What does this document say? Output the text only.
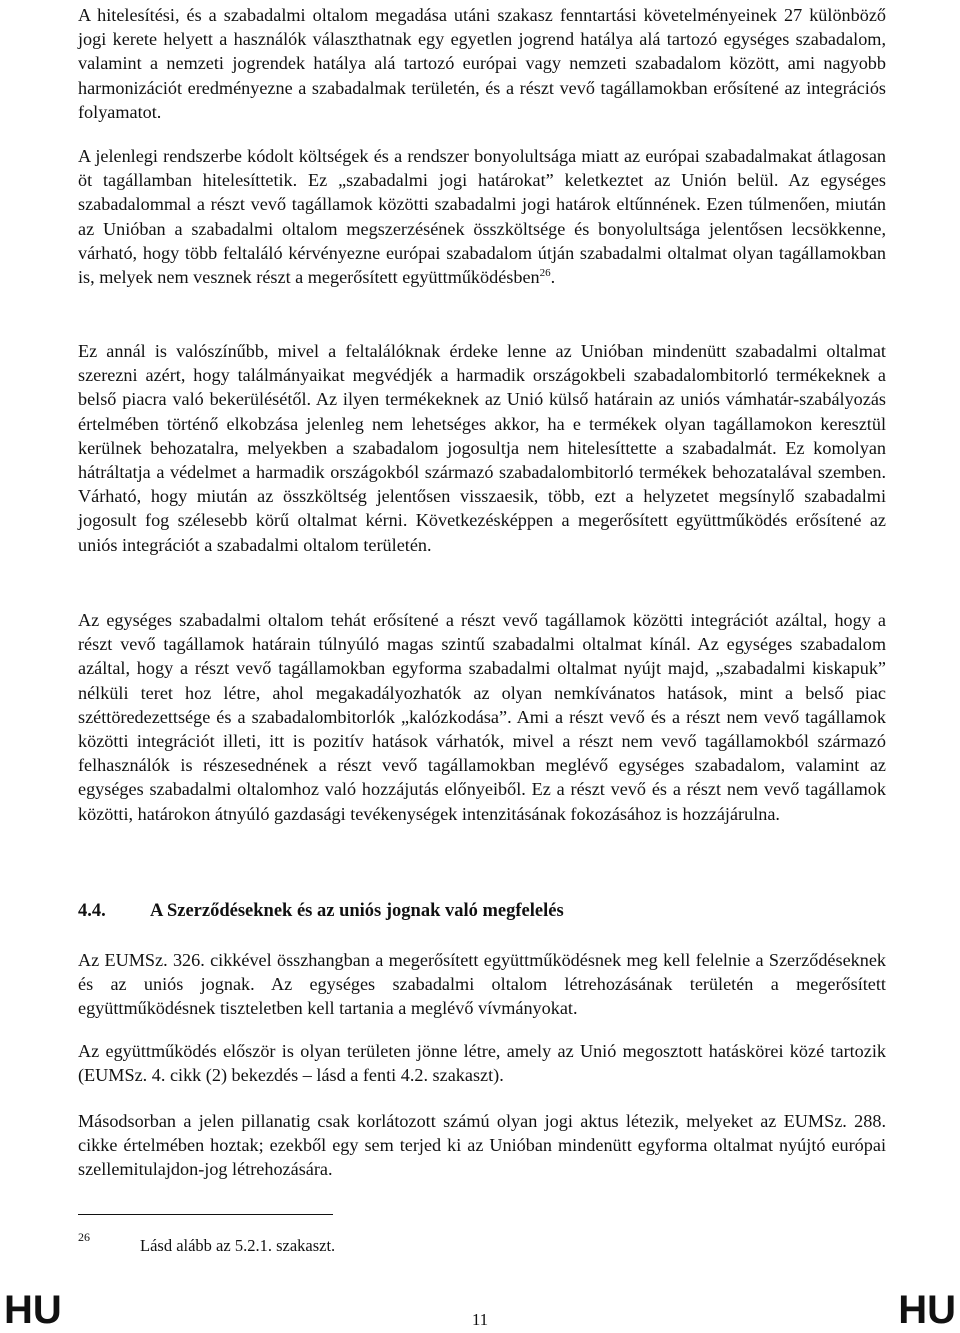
A hitelesítési, és a szabadalmi oltalom megadása utáni szakasz fenntartási követelményeinek 27 különböző jogi kerete helyett a használók választhatnak egy egyetlen jogrend hatálya alá tartozó egységes szabadalom, valamint a nemzeti jogrendek hatálya alá tartozó európai vagy nemzeti szabadalom között, ami nagyobb harmonizációt eredményezne a szabadalmak területén, és a részt vevő tagállamokban erősítené az integrációs folyamatot.

A jelenlegi rendszerbe kódolt költségek és a rendszer bonyolultsága miatt az európai szabadalmakat átlagosan öt tagállamban hitelesíttetik. Ez „szabadalmi jogi határokat” keletkeztet az Unión belül. Az egységes szabadalommal a részt vevő tagállamok közötti szabadalmi jogi határok eltűnnének. Ezen túlmenően, miután az Unióban a szabadalmi oltalom megszerzésének összköltsége és bonyolultsága jelentősen lecsökkenne, várható, hogy több feltaláló kérvényezne európai szabadalom útján szabadalmi oltalmat olyan tagállamokban is, melyek nem vesznek részt a megerősített együttműködésben$^{26}$.

Ez annál is valószínűbb, mivel a feltalálóknak érdeke lenne az Unióban mindenütt szabadalmi oltalmat szerezni azért, hogy találmányaikat megvédjék a harmadik országokbeli szabadalombitorló termékeknek a belső piacra való bekerülésétől. Az ilyen termékeknek az Unió külső határain az uniós vámhatár-szabályozás értelmében történő elkobzása jelenleg nem lehetséges akkor, ha e termékek olyan tagállamokon keresztül kerülnek behozatalra, melyekben a szabadalom jogosultja nem hitelesíttette a szabadalmát. Ez komolyan hátráltatja a védelmet a harmadik országokból származó szabadalombitorló termékek behozatalával szemben. Várható, hogy miután az összköltség jelentősen visszaesik, több, ezt a helyzetet megsínylő szabadalmi jogosult fog szélesebb körű oltalmat kérni. Következésképpen a megerősített együttműködés erősítené az uniós integrációt a szabadalmi oltalom területén.

Az egységes szabadalmi oltalom tehát erősítené a részt vevő tagállamok közötti integrációt azáltal, hogy a részt vevő tagállamok határain túlnyúló magas szintű szabadalmi oltalmat kínál. Az egységes szabadalom azáltal, hogy a részt vevő tagállamokban egyforma szabadalmi oltalmat nyújt majd, „szabadalmi kiskapuk” nélküli teret hoz létre, ahol megakadályozhatók az olyan nemkívánatos hatások, mint a belső piac széttöredezettsége és a szabadalombitorlók „kalózkodása”. Ami a részt vevő és a részt nem vevő tagállamok közötti integrációt illeti, itt is pozitív hatások várhatók, mivel a részt nem vevő tagállamokból származó felhasználók is részesednének a részt vevő tagállamokban meglévő egységes szabadalom, valamint az egységes szabadalmi oltalomhoz való hozzájutás előnyeiből. Ez a részt vevő és a részt nem vevő tagállamok közötti, határokon átnyúló gazdasági tevékenységek intenzitásának fokozásához is hozzájárulna.

4.4. A Szerződéseknek és az uniós jognak való megfelelés

Az EUMSz. 326. cikkével összhangban a megerősített együttműködésnek meg kell felelnie a Szerződéseknek és az uniós jognak. Az egységes szabadalmi oltalom létrehozásának területén a megerősített együttműködésnek tiszteletben kell tartania a meglévő vívmányokat.

Az együttműködés először is olyan területen jönne létre, amely az Unió megosztott hatáskörei közé tartozik (EUMSz. 4. cikk (2) bekezdés – lásd a fenti 4.2. szakaszt).

Másodsorban a jelen pillanatig csak korlátozott számú olyan jogi aktus létezik, melyeket az EUMSz. 288. cikke értelmében hoztak; ezekből egy sem terjed ki az Unióban mindenütt egyforma oltalmat nyújtó európai szellemitulajdon-jog létrehozására.

26	Lásd alább az 5.2.1. szakaszt.
HU	11	HU
